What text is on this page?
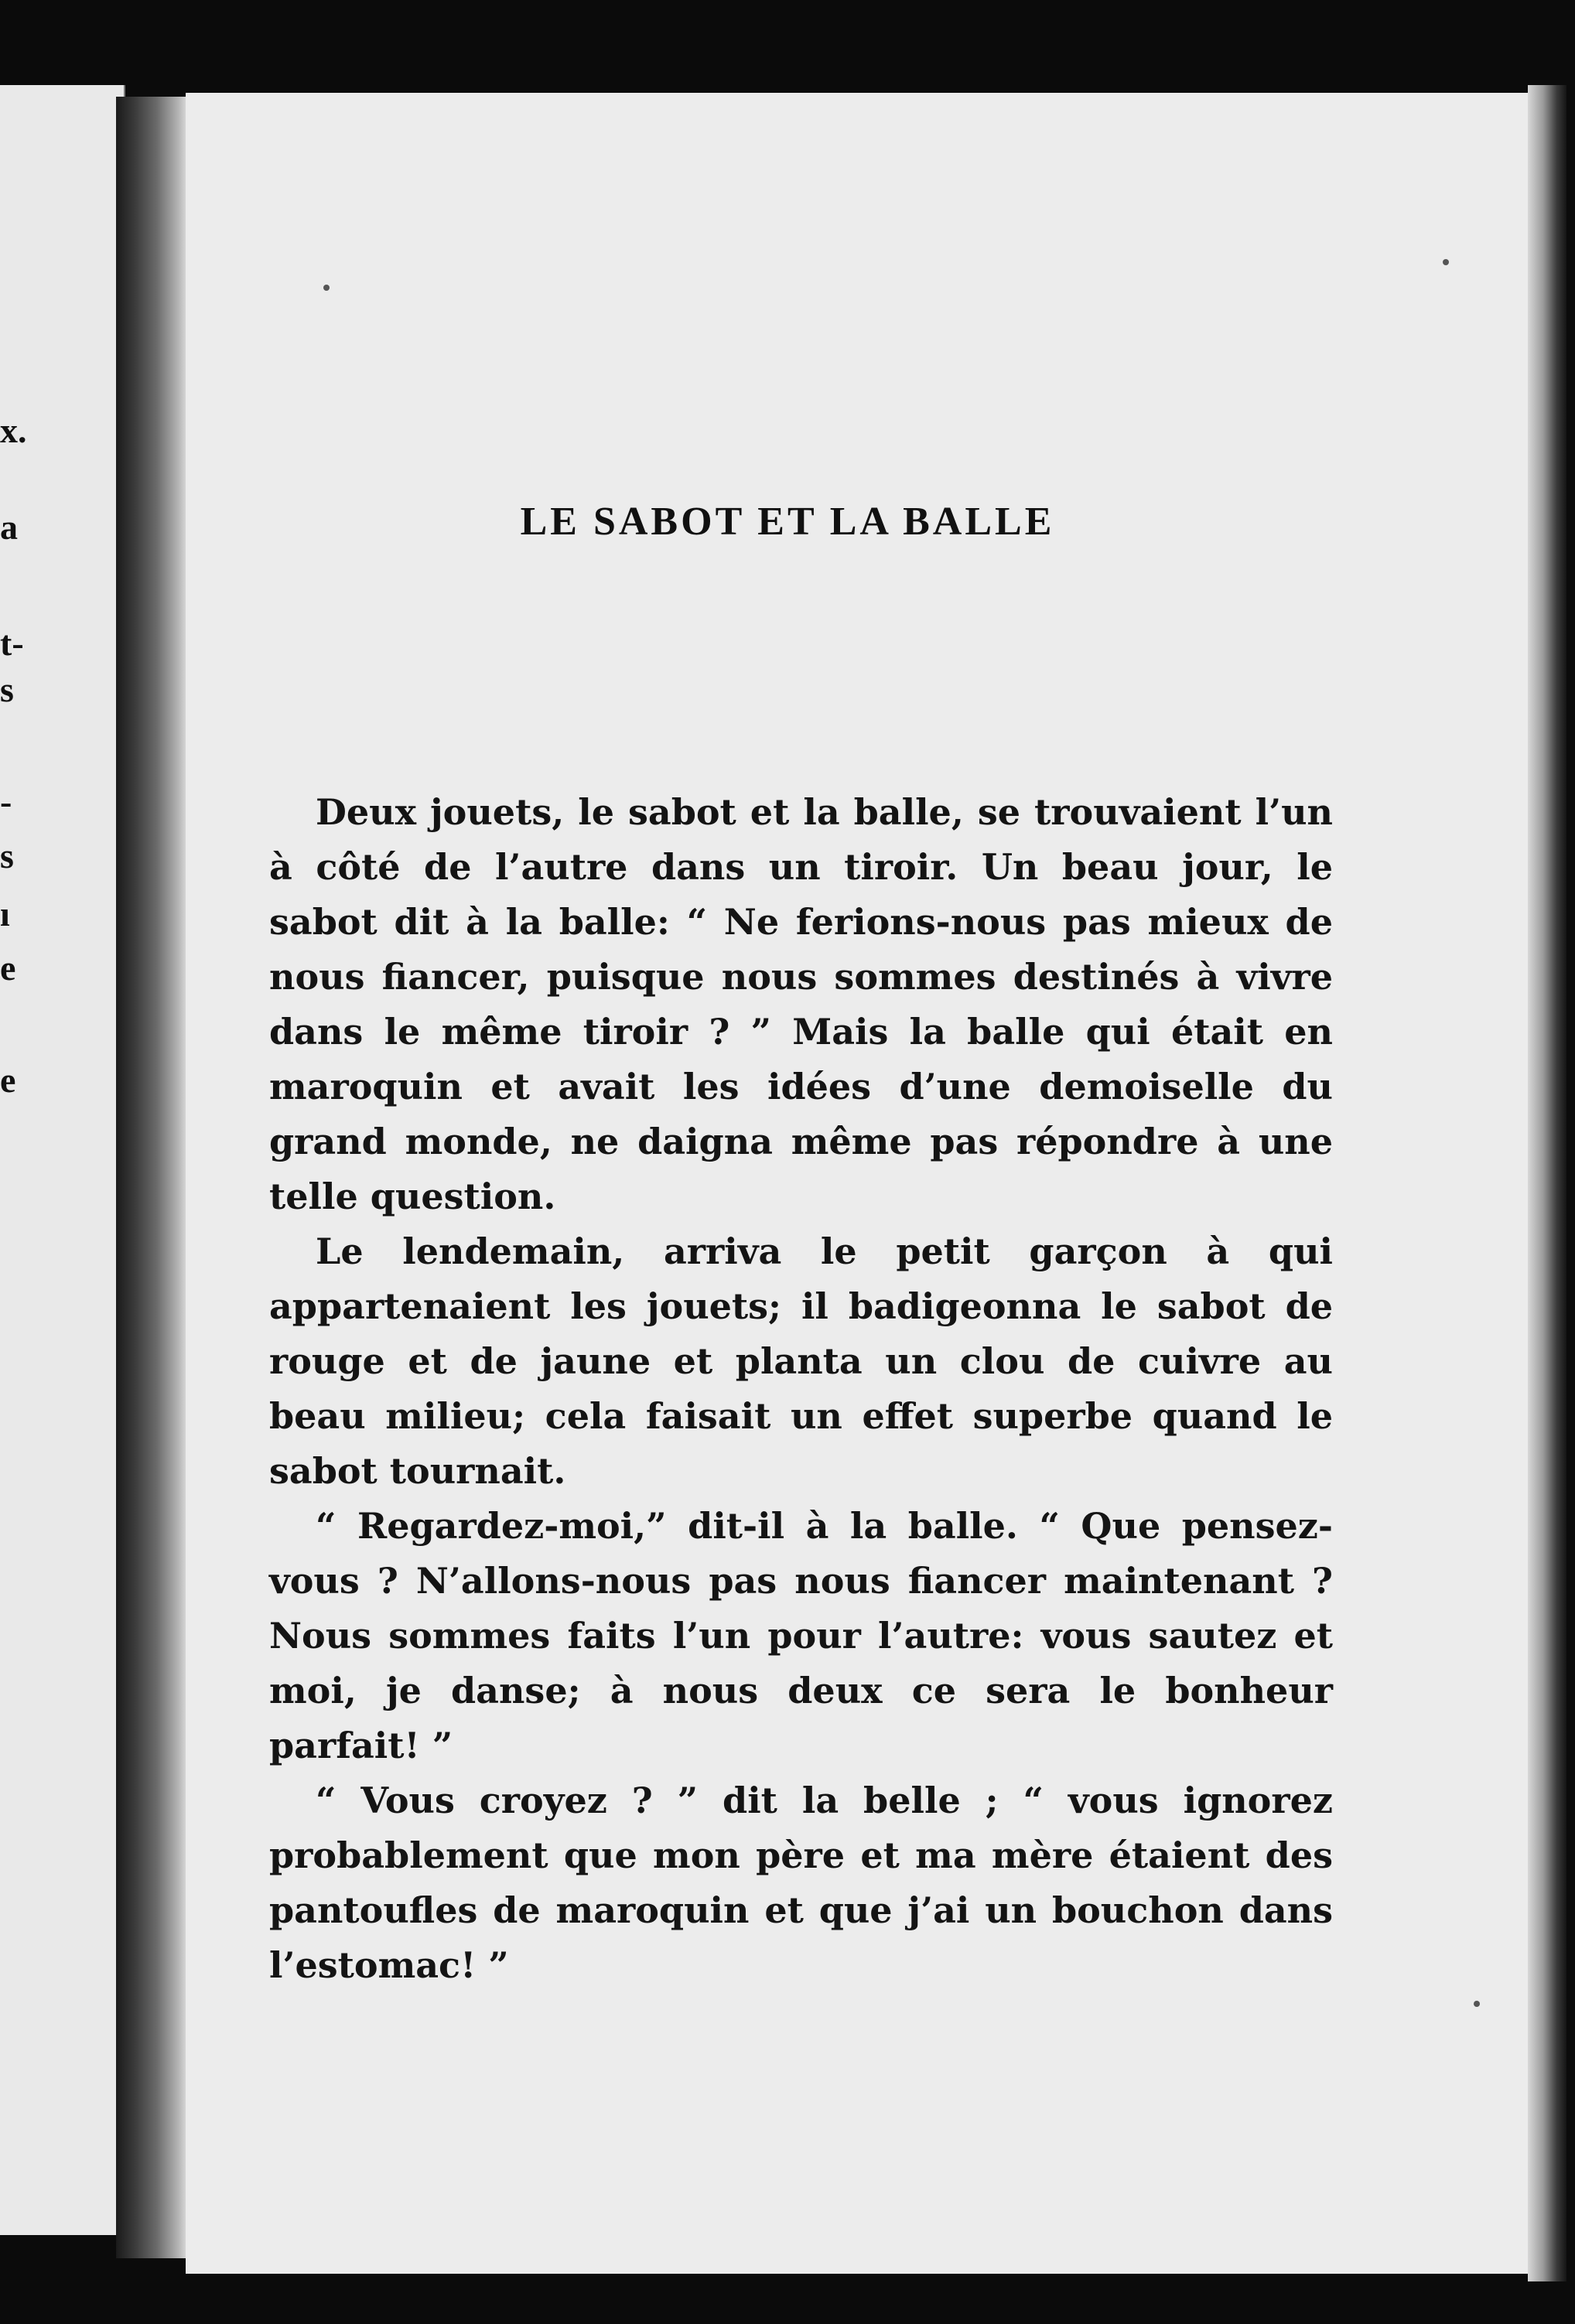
x.
a
t-
s
-
s
ı
e
e
LE SABOT ET LA BALLE

Deux jouets, le sabot et la balle, se trouvaient l’un à côté de l’autre dans un tiroir. Un beau jour, le sabot dit à la balle: “ Ne ferions-nous pas mieux de nous fiancer, puisque nous sommes destinés à vivre dans le même tiroir ? ” Mais la balle qui était en maroquin et avait les idées d’une demoiselle du grand monde, ne daigna même pas répondre à une telle question.

Le lendemain, arriva le petit garçon à qui appartenaient les jouets; il badigeonna le sabot de rouge et de jaune et planta un clou de cuivre au beau milieu; cela faisait un effet superbe quand le sabot tournait.

“ Regardez-moi,” dit-il à la balle. “ Que pensez-vous ? N’allons-nous pas nous fiancer maintenant ? Nous sommes faits l’un pour l’autre: vous sautez et moi, je danse; à nous deux ce sera le bonheur parfait! ”

“ Vous croyez ? ” dit la belle ; “ vous ignorez probablement que mon père et ma mère étaient des pantoufles de maroquin et que j’ai un bouchon dans l’estomac! ”
